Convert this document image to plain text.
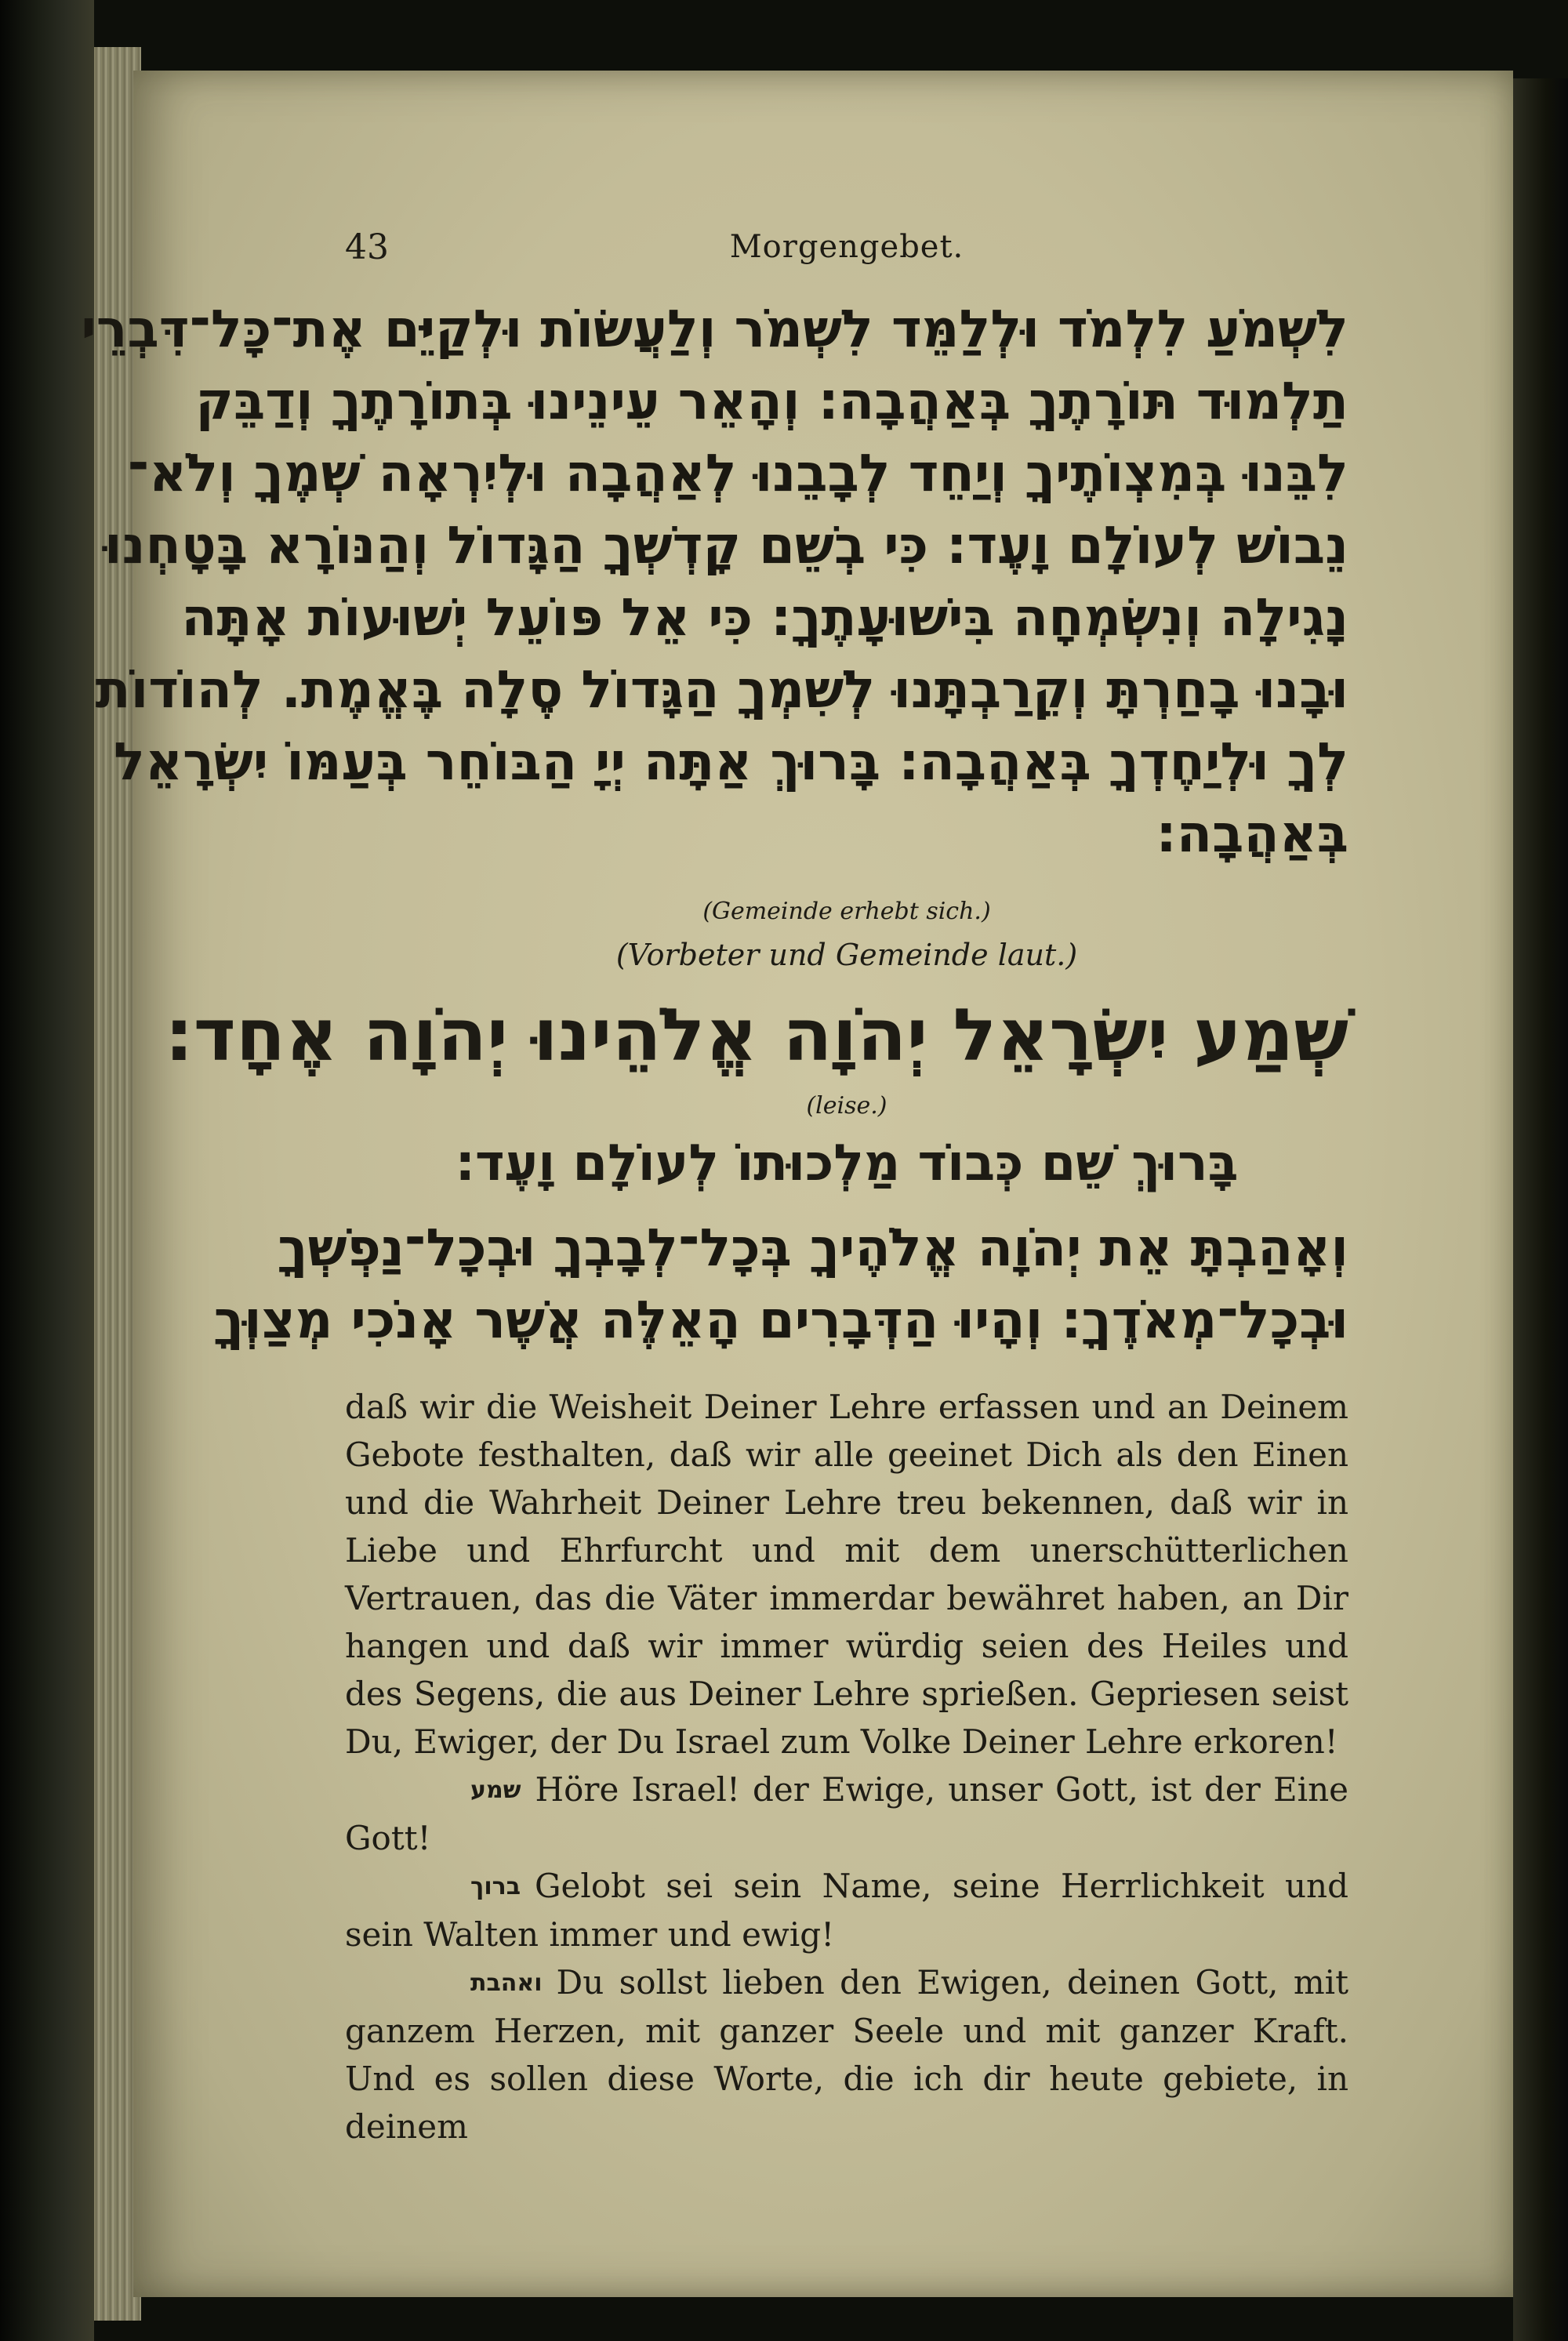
43	Morgengebet.
לִשְׁמֹעַ לִלְמֹד וּלְלַמֵּד לִשְׁמֹר וְלַעֲשׂוֹת וּלְקַיֵּם אֶת־כָּל־דִּבְרֵי
תַלְמוּד תּוֹרָתֶךָ בְּאַהֲבָה: וְהָאֵר עֵינֵינוּ בְּתוֹרָתֶךָ וְדַבֵּק
לִבֵּנוּ בְּמִצְוֹתֶיךָ וְיַחֵד לְבָבֵנוּ לְאַהֲבָה וּלְיִרְאָה שְׁמֶךָ וְלֹא־
נֵבוֹשׁ לְעוֹלָם וָעֶד: כִּי בְשֵׁם קָדְשְׁךָ הַגָּדוֹל וְהַנּוֹרָא בָּטָחְנוּ
נָגִילָה וְנִשְׂמְחָה בִּישׁוּעָתֶךָ: כִּי אֵל פּוֹעֵל יְשׁוּעוֹת אָתָּה
וּבָנוּ בָחַרְתָּ וְקֵרַבְתָּנוּ לְשִׁמְךָ הַגָּדוֹל סֶלָה בֶּאֱמֶת. לְהוֹדוֹת
לְךָ וּלְיַחֶדְךָ בְּאַהֲבָה: בָּרוּךְ אַתָּה יְיָ הַבּוֹחֵר בְּעַמּוֹ יִשְׂרָאֵל
בְּאַהֲבָה:
(Gemeinde erhebt sich.)
(Vorbeter und Gemeinde laut.)
שְׁמַע יִשְׂרָאֵל יְהֹוָה אֱלֹהֵינוּ יְהֹוָה אֶחָד:
(leise.)
בָּרוּךְ שֵׁם כְּבוֹד מַלְכוּתוֹ לְעוֹלָם וָעֶד:
וְאָהַבְתָּ אֵת יְהֹוָה אֱלֹהֶיךָ בְּכָל־לְבָבְךָ וּבְכָל־נַפְשְׁךָ
וּבְכָל־מְאֹדֶךָ: וְהָיוּ הַדְּבָרִים הָאֵלֶּה אֲשֶׁר אָנֹכִי מְצַוְּךָ

daß wir die Weisheit Deiner Lehre erfassen und an Deinem Gebote festhalten, daß wir alle geeinet Dich als den Einen und die Wahrheit Deiner Lehre treu bekennen, daß wir in Liebe und Ehrfurcht und mit dem unerschütterlichen Vertrauen, das die Väter immerdar bewähret haben, an Dir hangen und daß wir immer würdig seien des Heiles und des Segens, die aus Deiner Lehre sprießen. Gepriesen seist Du, Ewiger, der Du Israel zum Volke Deiner Lehre erkoren!

שמע Höre Israel! der Ewige, unser Gott, ist der Eine Gott!

ברוך Gelobt sei sein Name, seine Herrlichkeit und sein Walten immer und ewig!

ואהבת Du sollst lieben den Ewigen, deinen Gott, mit ganzem Herzen, mit ganzer Seele und mit ganzer Kraft. Und es sollen diese Worte, die ich dir heute gebiete, in deinem
